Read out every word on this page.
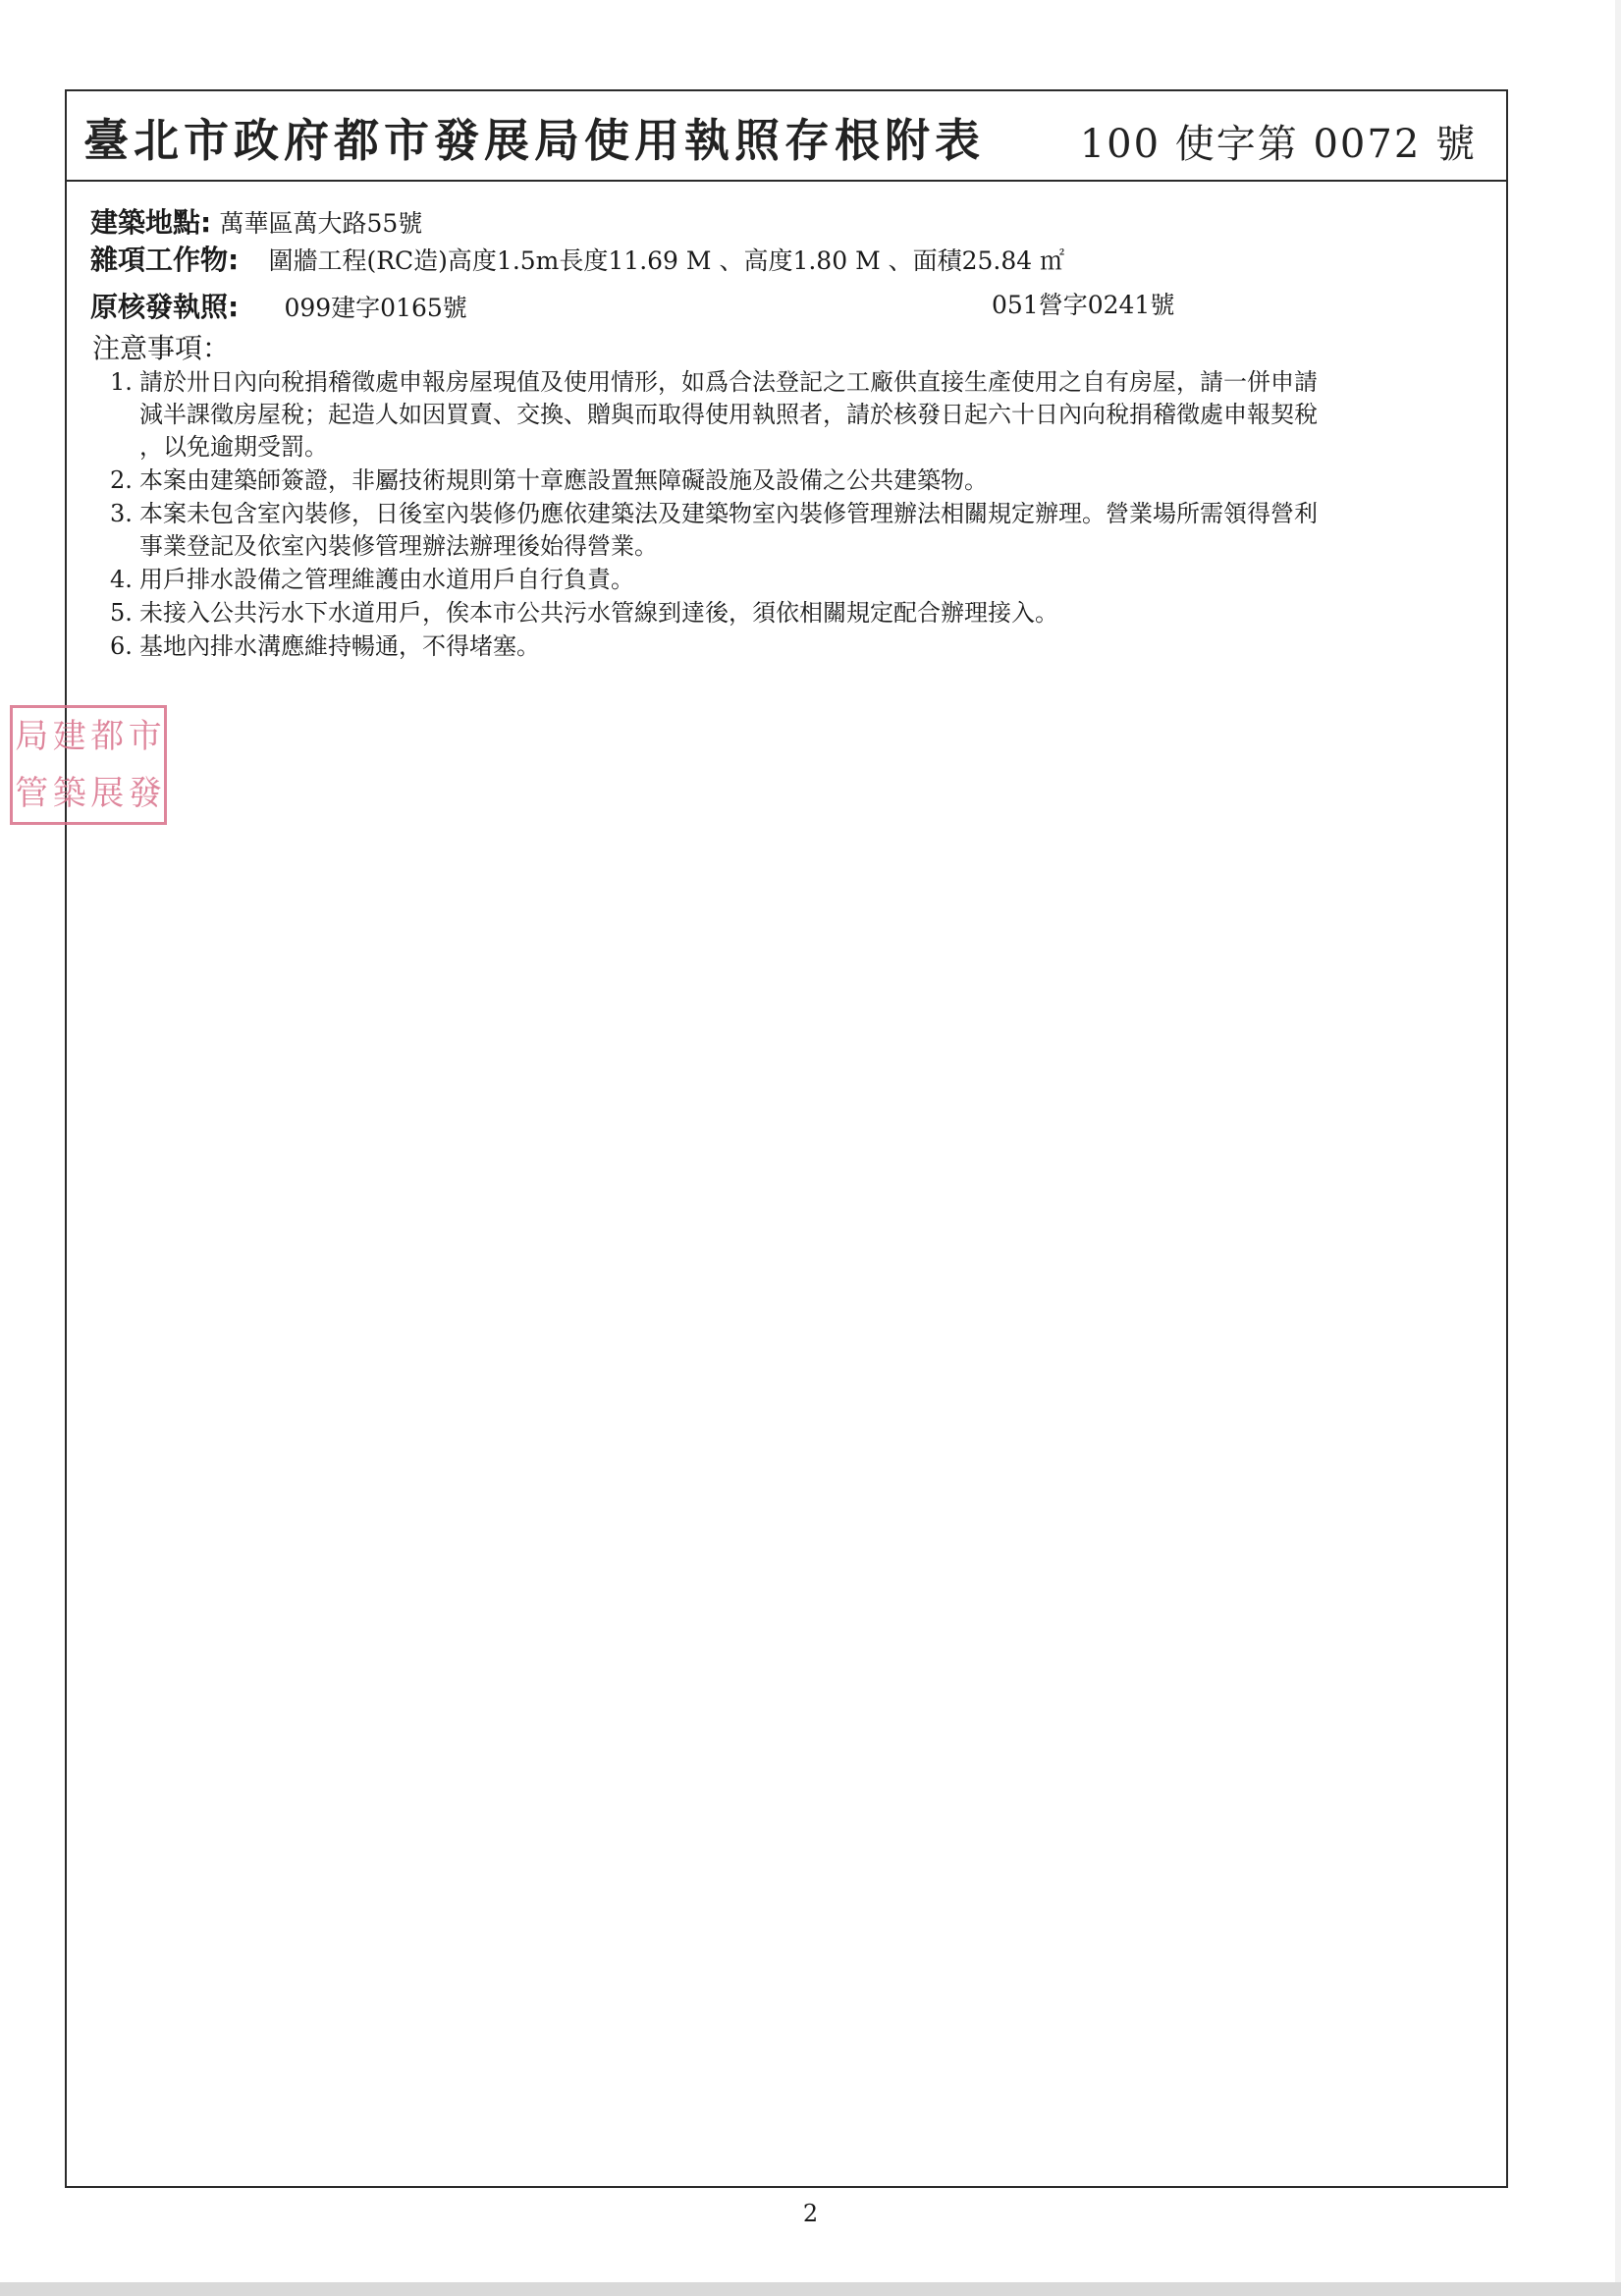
臺北市政府都市發展局使用執照存根附表 100 使字第 0072 號
建築地點: 萬華區萬大路55號
雜項工作物: 圍牆工程(RC造)高度1.5m長度11.69 M 、高度1.80 M 、面積25.84 ㎡
原核發執照: 099建字0165號	051營字0241號
注意事項：
1. 請於卅日內向稅捐稽徵處申報房屋現值及使用情形，如爲合法登記之工廠供直接生產使用之自有房屋，請一併申請
減半課徵房屋稅；起造人如因買賣、交換、贈與而取得使用執照者，請於核發日起六十日內向稅捐稽徵處申報契稅
，以免逾期受罰。
2. 本案由建築師簽證，非屬技術規則第十章應設置無障礙設施及設備之公共建築物。
3. 本案未包含室內裝修，日後室內裝修仍應依建築法及建築物室內裝修管理辦法相關規定辦理。營業場所需領得營利
事業登記及依室內裝修管理辦法辦理後始得營業。
4. 用戶排水設備之管理維護由水道用戶自行負責。
5. 未接入公共污水下水道用戶，俟本市公共污水管線到達後，須依相關規定配合辦理接入。
6. 基地內排水溝應維持暢通，不得堵塞。
局 建 都 市
管 築 展 發
2
